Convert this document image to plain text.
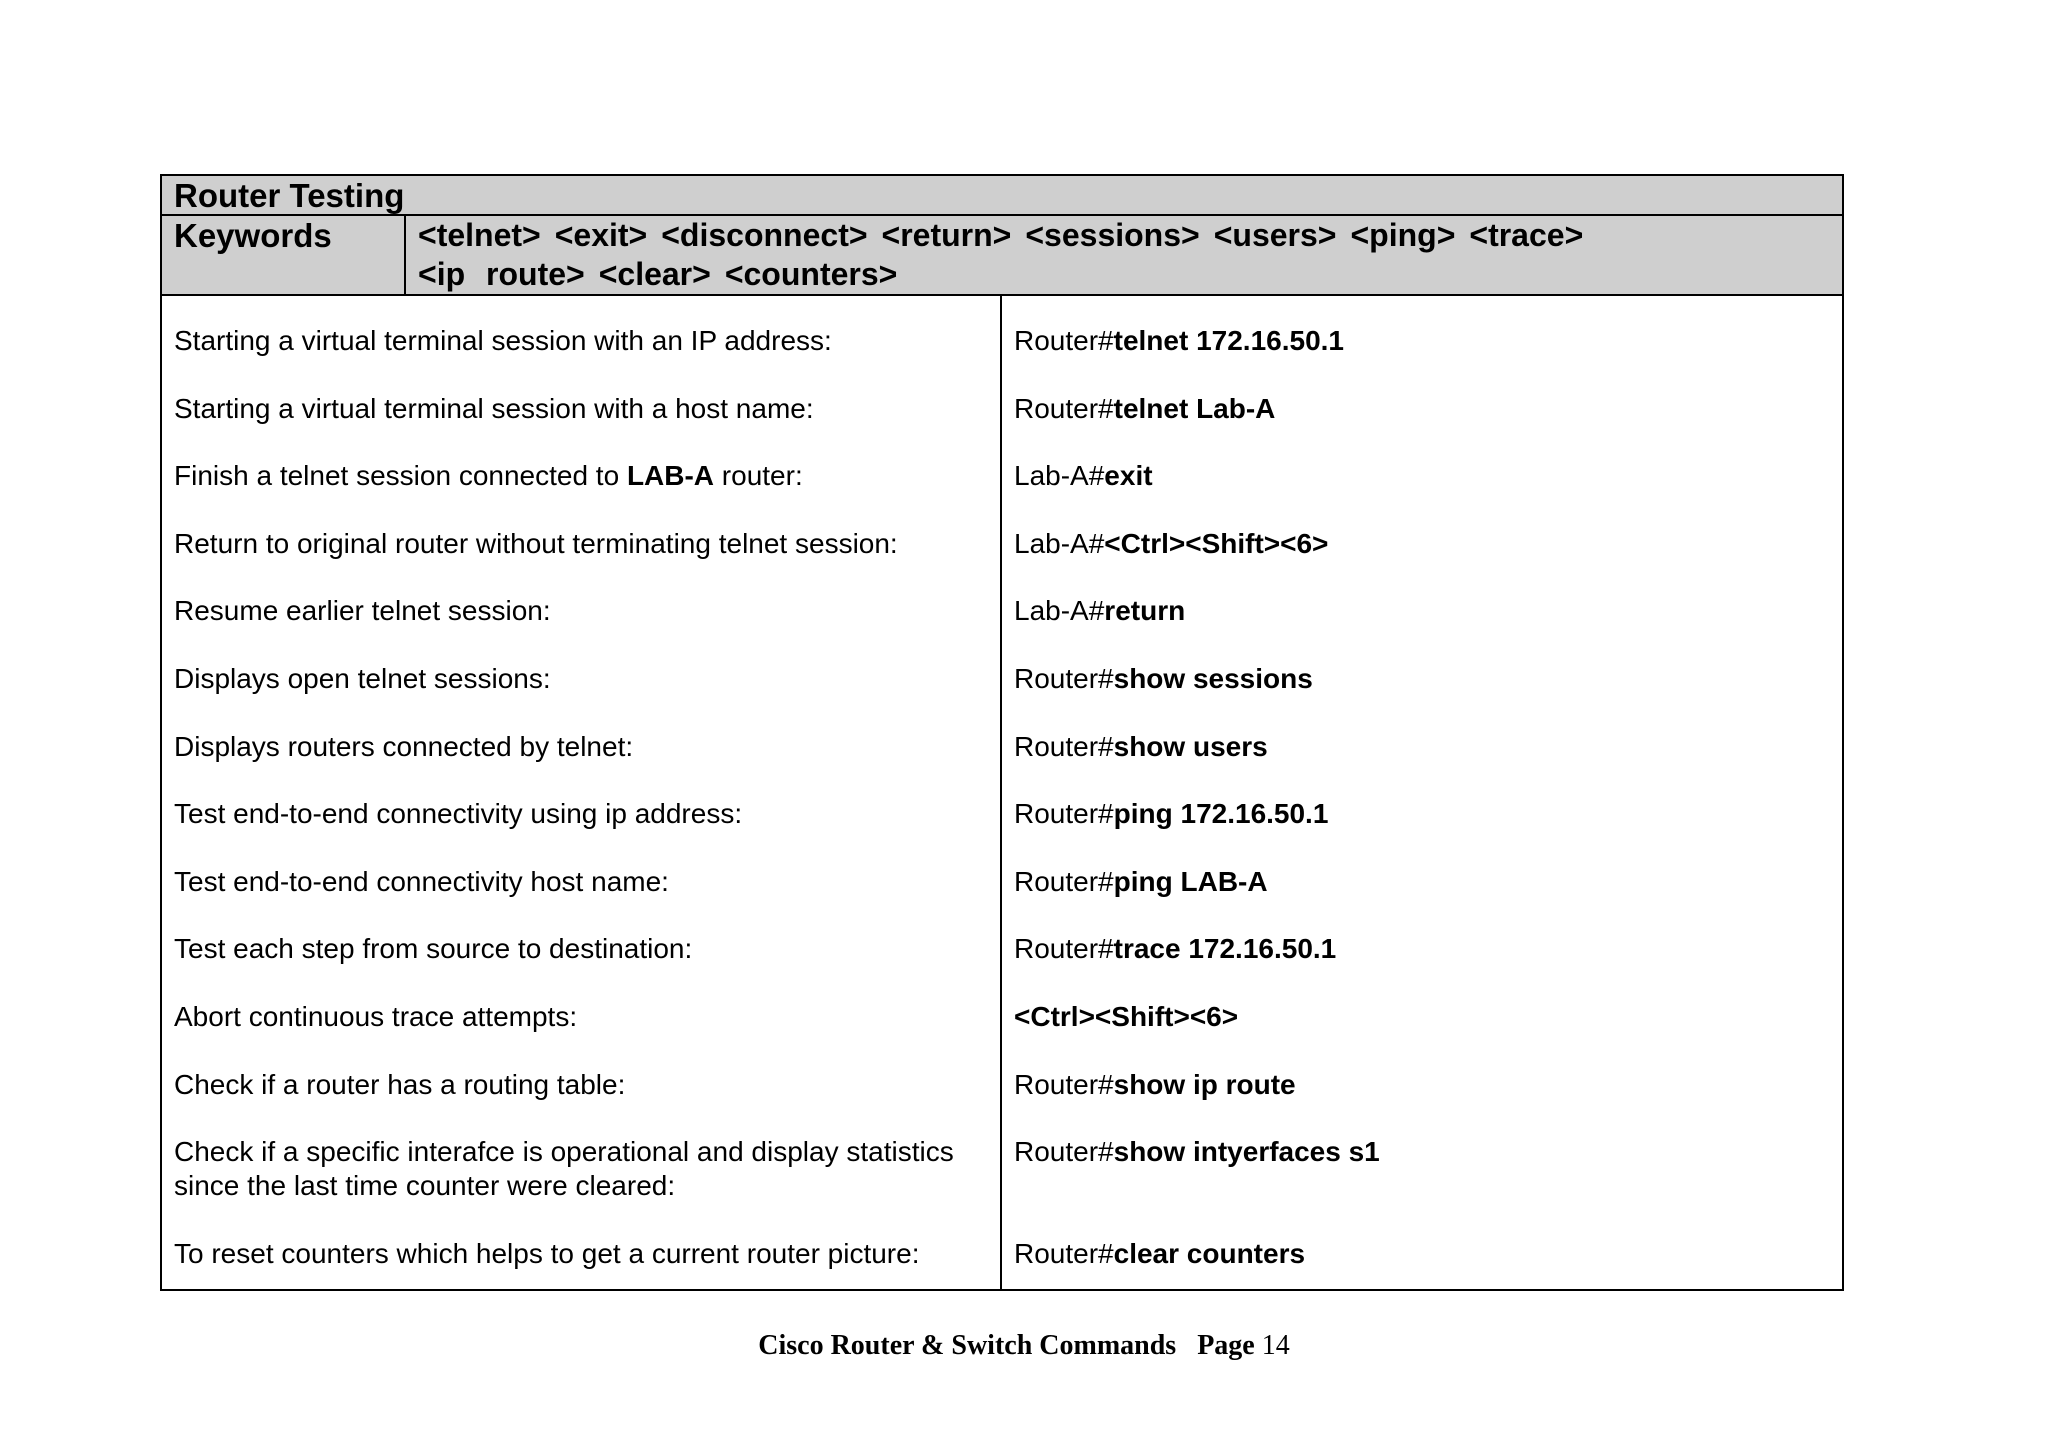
Router Testing
Keywords	<telnet> <exit> <disconnect> <return> <sessions> <users> <ping> <trace>
<ip route> <clear> <counters>
Starting a virtual terminal session with an IP address:
Starting a virtual terminal session with a host name:
Finish a telnet session connected to LAB-A router:
Return to original router without terminating telnet session:
Resume earlier telnet session:
Displays open telnet sessions:
Displays routers connected by telnet:
Test end-to-end connectivity using ip address:
Test end-to-end connectivity host name:
Test each step from source to destination:
Abort continuous trace attempts:
Check if a router has a routing table:
Check if a specific interafce is operational and display statistics since the last time counter were cleared:
To reset counters which helps to get a current router picture:
Router#telnet 172.16.50.1
Router#telnet Lab-A
Lab-A#exit
Lab-A#<Ctrl><Shift><6>
Lab-A#return
Router#show sessions
Router#show users
Router#ping 172.16.50.1
Router#ping LAB-A
Router#trace 172.16.50.1
<Ctrl><Shift><6>
Router#show ip route
Router#show intyerfaces s1
Router#clear counters
Cisco Router & Switch Commands Page 14
